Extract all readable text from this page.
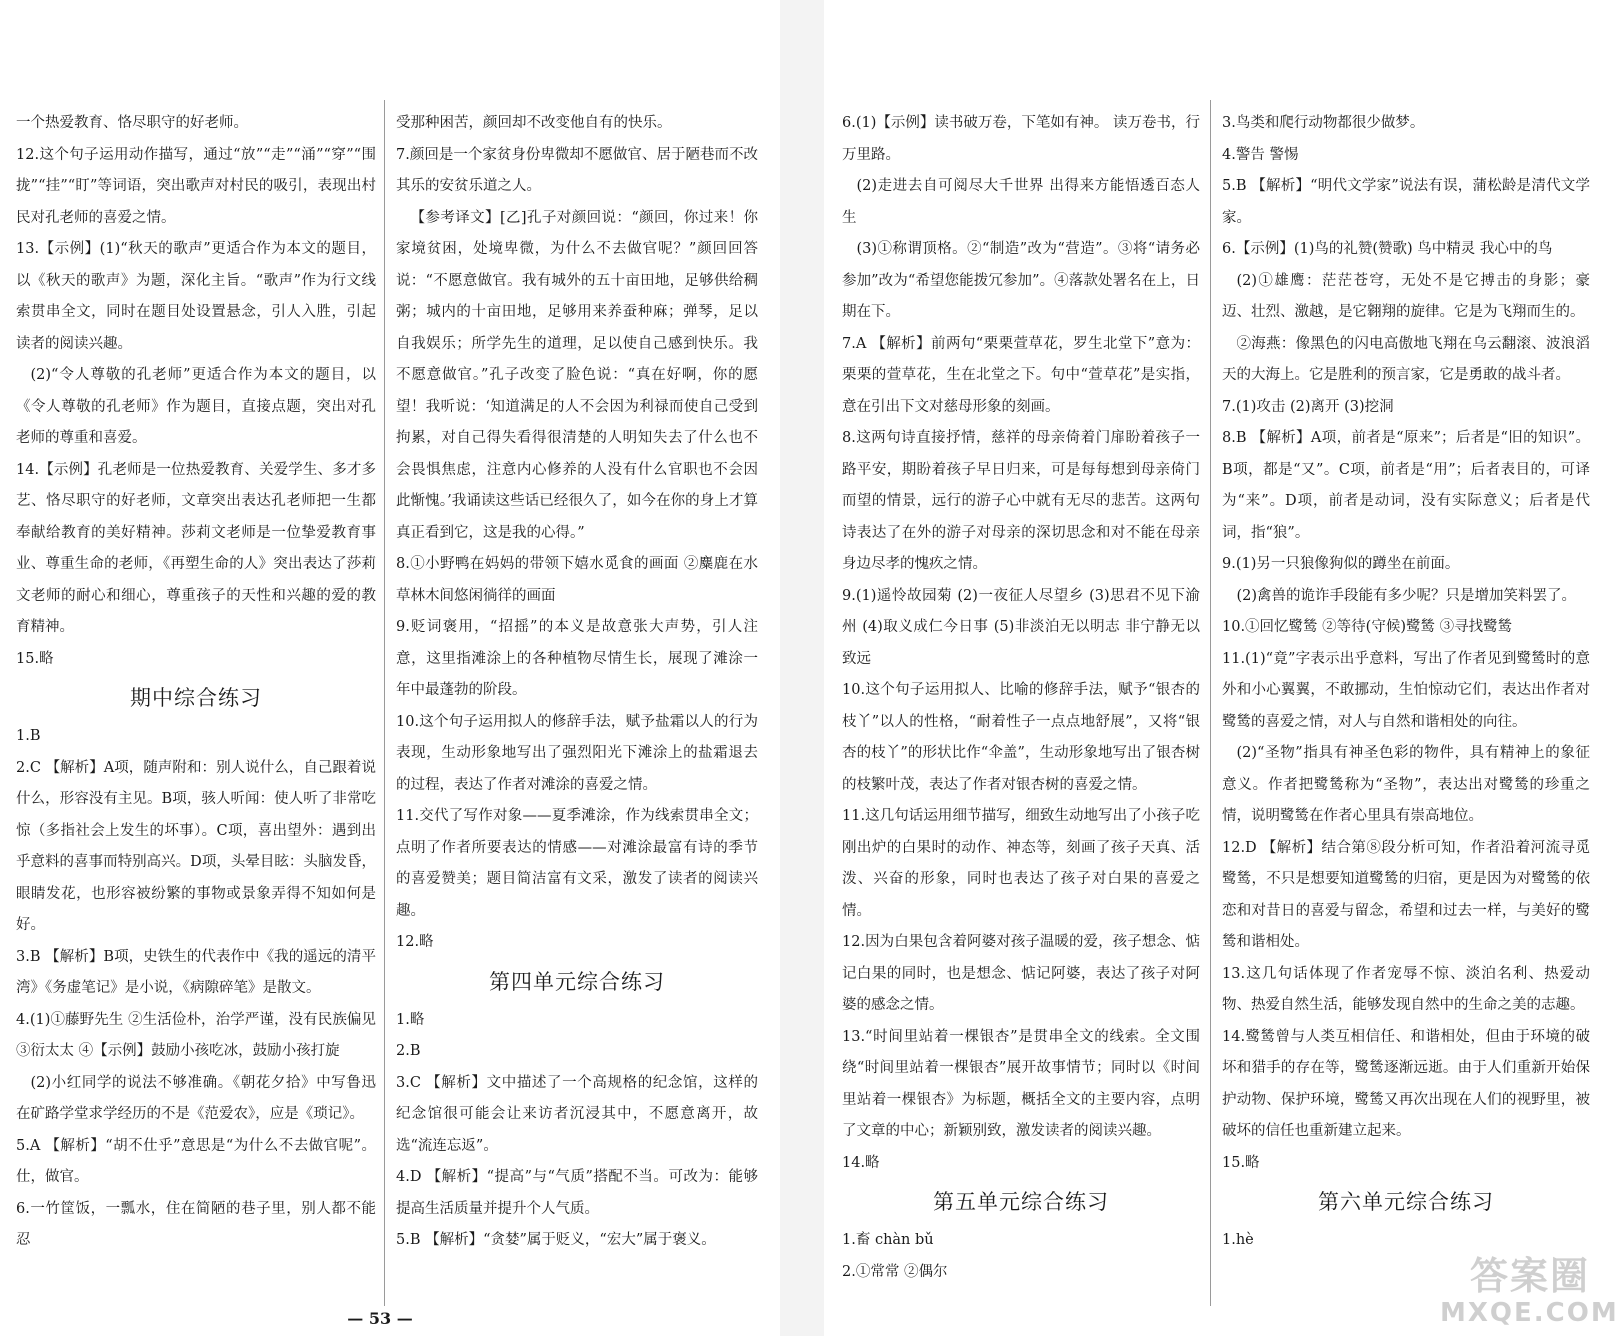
一个热爱教育、恪尽职守的好老师。
12.这个句子运用动作描写，通过“放”“走”“涌”“穿”“围拢”“挂”“盯”等词语，突出歌声对村民的吸引，表现出村民对孔老师的喜爱之情。
13.【示例】(1)“秋天的歌声”更适合作为本文的题目，以《秋天的歌声》为题，深化主旨。“歌声”作为行文线索贯串全文，同时在题目处设置悬念，引人入胜，引起读者的阅读兴趣。
(2)“令人尊敬的孔老师”更适合作为本文的题目，以《令人尊敬的孔老师》作为题目，直接点题，突出对孔老师的尊重和喜爱。
14.【示例】孔老师是一位热爱教育、关爱学生、多才多艺、恪尽职守的好老师，文章突出表达孔老师把一生都奉献给教育的美好精神。莎莉文老师是一位挚爱教育事业、尊重生命的老师，《再塑生命的人》突出表达了莎莉文老师的耐心和细心，尊重孩子的天性和兴趣的爱的教育精神。
15.略
期中综合练习
1.B
2.C 【解析】A项，随声附和：别人说什么，自己跟着说什么，形容没有主见。B项，骇人听闻：使人听了非常吃惊（多指社会上发生的坏事）。C项，喜出望外：遇到出乎意料的喜事而特别高兴。D项，头晕目眩：头脑发昏，眼睛发花，也形容被纷繁的事物或景象弄得不知如何是好。
3.B 【解析】B项，史铁生的代表作中《我的遥远的清平湾》《务虚笔记》是小说，《病隙碎笔》是散文。
4.(1)①藤野先生 ②生活俭朴，治学严谨，没有民族偏见 ③衍太太 ④【示例】鼓励小孩吃冰，鼓励小孩打旋
(2)小红同学的说法不够准确。《朝花夕拾》中写鲁迅在矿路学堂求学经历的不是《范爱农》，应是《琐记》。
5.A 【解析】“胡不仕乎”意思是“为什么不去做官呢”。仕，做官。
6.一竹筐饭，一瓢水，住在简陋的巷子里，别人都不能忍
受那种困苦，颜回却不改变他自有的快乐。
7.颜回是一个家贫身份卑微却不愿做官、居于陋巷而不改其乐的安贫乐道之人。
【参考译文】[乙]孔子对颜回说：“颜回，你过来！你家境贫困，处境卑微，为什么不去做官呢？”颜回回答说：“不愿意做官。我有城外的五十亩田地，足够供给稠粥；城内的十亩田地，足够用来养蚕种麻；弹琴，足以自我娱乐；所学先生的道理，足以使自己感到快乐。我不愿意做官。”孔子改变了脸色说：“真在好啊，你的愿望！我听说：‘知道满足的人不会因为利禄而使自己受到拘累，对自己得失看得很清楚的人明知失去了什么也不会畏惧焦虑，注意内心修养的人没有什么官职也不会因此惭愧。’我诵读这些话已经很久了，如今在你的身上才算真正看到它，这是我的心得。”
8.①小野鸭在妈妈的带领下嬉水觅食的画面 ②麋鹿在水草林木间悠闲徜徉的画面
9.贬词褒用，“招摇”的本义是故意张大声势，引人注意，这里指滩涂上的各种植物尽情生长，展现了滩涂一年中最蓬勃的阶段。
10.这个句子运用拟人的修辞手法，赋予盐霜以人的行为表现，生动形象地写出了强烈阳光下滩涂上的盐霜退去的过程，表达了作者对滩涂的喜爱之情。
11.交代了写作对象——夏季滩涂，作为线索贯串全文；点明了作者所要表达的情感——对滩涂最富有诗的季节的喜爱赞美；题目简洁富有文采，激发了读者的阅读兴趣。
12.略
第四单元综合练习
1.略
2.B
3.C 【解析】文中描述了一个高规格的纪念馆，这样的纪念馆很可能会让来访者沉浸其中，不愿意离开，故选“流连忘返”。
4.D 【解析】“提高”与“气质”搭配不当。可改为：能够提高生活质量并提升个人气质。
5.B 【解析】“贪婪”属于贬义，“宏大”属于褒义。
6.(1)【示例】读书破万卷，下笔如有神。 读万卷书，行万里路。
(2)走进去自可阅尽大千世界 出得来方能悟透百态人生
(3)①称谓顶格。②“制造”改为“营造”。③将“请务必参加”改为“希望您能拨冗参加”。④落款处署名在上，日期在下。
7.A 【解析】前两句“栗栗萱草花，罗生北堂下”意为：栗栗的萱草花，生在北堂之下。句中“萱草花”是实指，意在引出下文对慈母形象的刻画。
8.这两句诗直接抒情，慈祥的母亲倚着门扉盼着孩子一路平安，期盼着孩子早日归来，可是每每想到母亲倚门而望的情景，远行的游子心中就有无尽的悲苦。这两句诗表达了在外的游子对母亲的深切思念和对不能在母亲身边尽孝的愧疚之情。
9.(1)遥怜故园菊 (2)一夜征人尽望乡 (3)思君不见下渝州 (4)取义成仁今日事 (5)非淡泊无以明志 非宁静无以致远
10.这个句子运用拟人、比喻的修辞手法，赋予“银杏的枝丫”以人的性格，“耐着性子一点点地舒展”，又将“银杏的枝丫”的形状比作“伞盖”，生动形象地写出了银杏树的枝繁叶茂，表达了作者对银杏树的喜爱之情。
11.这几句话运用细节描写，细致生动地写出了小孩子吃刚出炉的白果时的动作、神态等，刻画了孩子天真、活泼、兴奋的形象，同时也表达了孩子对白果的喜爱之情。
12.因为白果包含着阿婆对孩子温暖的爱，孩子想念、惦记白果的同时，也是想念、惦记阿婆，表达了孩子对阿婆的感念之情。
13.“时间里站着一棵银杏”是贯串全文的线索。全文围绕“时间里站着一棵银杏”展开故事情节；同时以《时间里站着一棵银杏》为标题，概括全文的主要内容，点明了文章的中心；新颖别致，激发读者的阅读兴趣。
14.略
第五单元综合练习
1.畜 chàn bǔ
2.①常常 ②偶尔
3.鸟类和爬行动物都很少做梦。
4.警告 警惕
5.B 【解析】“明代文学家”说法有误，蒲松龄是清代文学家。
6.【示例】(1)鸟的礼赞(赞歌) 鸟中精灵 我心中的鸟
(2)①雄鹰：茫茫苍穹，无处不是它搏击的身影；豪迈、壮烈、激越，是它翱翔的旋律。它是为飞翔而生的。
②海燕：像黑色的闪电高傲地飞翔在乌云翻滚、波浪滔天的大海上。它是胜利的预言家，它是勇敢的战斗者。
7.(1)攻击 (2)离开 (3)挖洞
8.B 【解析】A项，前者是“原来”；后者是“旧的知识”。B项，都是“又”。C项，前者是“用”；后者表目的，可译为“来”。D项，前者是动词，没有实际意义；后者是代词，指“狼”。
9.(1)另一只狼像狗似的蹲坐在前面。
(2)禽兽的诡诈手段能有多少呢？只是增加笑料罢了。
10.①回忆鹭鸶 ②等待(守候)鹭鸶 ③寻找鹭鸶
11.(1)“竟”字表示出乎意料，写出了作者见到鹭鸶时的意外和小心翼翼，不敢挪动，生怕惊动它们，表达出作者对鹭鸶的喜爱之情，对人与自然和谐相处的向往。
(2)“圣物”指具有神圣色彩的物件，具有精神上的象征意义。作者把鹭鸶称为“圣物”，表达出对鹭鸶的珍重之情，说明鹭鸶在作者心里具有崇高地位。
12.D 【解析】结合第⑧段分析可知，作者沿着河流寻觅鹭鸶，不只是想要知道鹭鸶的归宿，更是因为对鹭鸶的依恋和对昔日的喜爱与留念，希望和过去一样，与美好的鹭鸶和谐相处。
13.这几句话体现了作者宠辱不惊、淡泊名利、热爱动物、热爱自然生活，能够发现自然中的生命之美的志趣。
14.鹭鸶曾与人类互相信任、和谐相处，但由于环境的破坏和猎手的存在等，鹭鸶逐渐远逝。由于人们重新开始保护动物、保护环境，鹭鸶又再次出现在人们的视野里，被破坏的信任也重新建立起来。
15.略
第六单元综合练习
1.hè
— 53 —
答案圈
MXQE.COM
